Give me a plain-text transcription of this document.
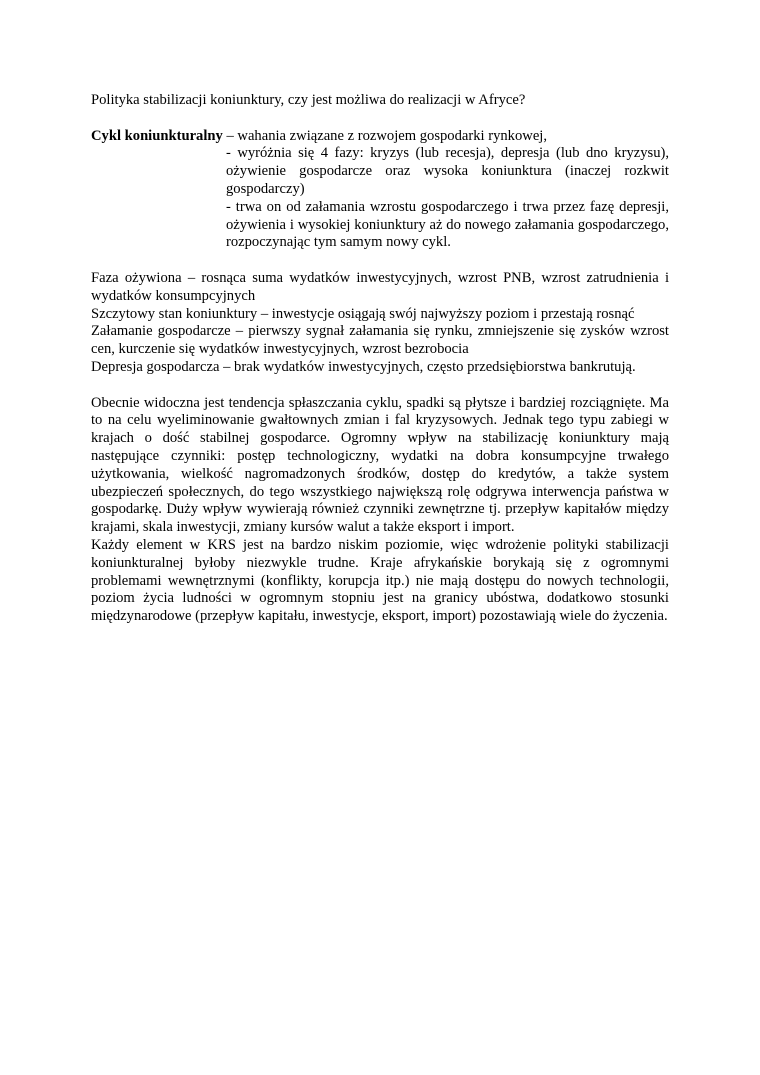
Polityka stabilizacji koniunktury, czy jest możliwa do realizacji w Afryce?

Cykl koniunkturalny – wahania związane z rozwojem gospodarki rynkowej,

- wyróżnia się 4 fazy: kryzys (lub recesja), depresja (lub dno kryzysu), ożywienie gospodarcze oraz wysoka koniunktura (inaczej rozkwit gospodarczy)

- trwa on od załamania wzrostu gospodarczego i trwa przez fazę depresji, ożywienia i wysokiej koniunktury aż do nowego załamania gospodarczego, rozpoczynając tym samym nowy cykl.

Faza ożywiona – rosnąca suma wydatków inwestycyjnych, wzrost PNB, wzrost zatrudnienia i wydatków konsumpcyjnych

Szczytowy stan koniunktury – inwestycje osiągają swój najwyższy poziom i przestają rosnąć

Załamanie gospodarcze – pierwszy sygnał załamania się rynku, zmniejszenie się zysków wzrost cen, kurczenie się wydatków inwestycyjnych, wzrost bezrobocia

Depresja gospodarcza – brak wydatków inwestycyjnych, często przedsiębiorstwa bankrutują.

Obecnie widoczna jest tendencja spłaszczania cyklu, spadki są płytsze i bardziej rozciągnięte. Ma to na celu wyeliminowanie gwałtownych zmian i fal kryzysowych. Jednak tego typu zabiegi w krajach o dość stabilnej gospodarce. Ogromny wpływ na stabilizację koniunktury mają następujące czynniki: postęp technologiczny, wydatki na dobra konsumpcyjne trwałego użytkowania, wielkość nagromadzonych środków, dostęp do kredytów, a także system ubezpieczeń społecznych, do tego wszystkiego największą rolę odgrywa interwencja państwa w gospodarkę. Duży wpływ wywierają również czynniki zewnętrzne tj. przepływ kapitałów między krajami, skala inwestycji, zmiany kursów walut a także eksport i import.

Każdy element w KRS jest na bardzo niskim poziomie, więc wdrożenie polityki stabilizacji koniunkturalnej byłoby niezwykle trudne. Kraje afrykańskie borykają się z ogromnymi problemami wewnętrznymi (konflikty, korupcja itp.) nie mają dostępu do nowych technologii, poziom życia ludności w ogromnym stopniu jest na granicy ubóstwa, dodatkowo stosunki międzynarodowe (przepływ kapitału, inwestycje, eksport, import) pozostawiają wiele do życzenia.
